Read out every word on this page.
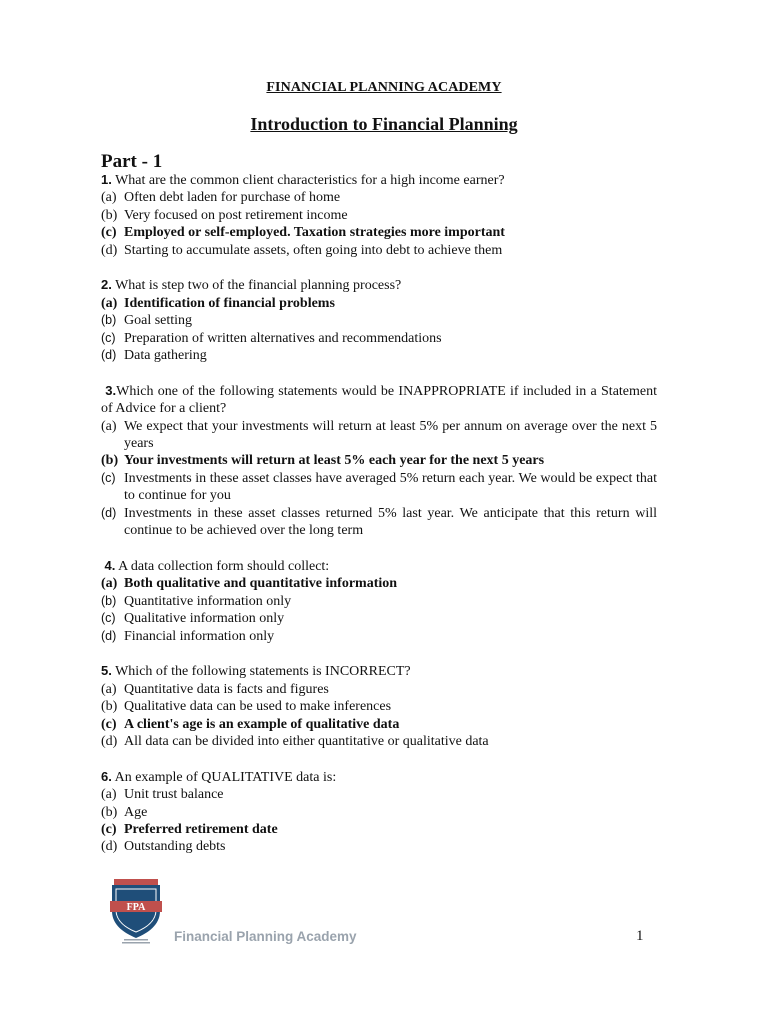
FINANCIAL PLANNING ACADEMY
Introduction to Financial Planning
Part - 1

1. What are the common client characteristics for a high income earner?

(a) Often debt laden for purchase of home

(b) Very focused on post retirement income

(c) Employed or self-employed. Taxation strategies more important

(d) Starting to accumulate assets, often going into debt to achieve them

2. What is step two of the financial planning process?

(a) Identification of financial problems

(b) Goal setting

(c) Preparation of written alternatives and recommendations

(d) Data gathering

3.Which one of the following statements would be INAPPROPRIATE if included in a Statement of Advice for a client?

(a) We expect that your investments will return at least 5% per annum on average over the next 5 years

(b) Your investments will return at least 5% each year for the next 5 years

(c) Investments in these asset classes have averaged 5% return each year. We would be expect that to continue for you

(d) Investments in these asset classes returned 5% last year. We anticipate that this return will continue to be achieved over the long term

4. A data collection form should collect:

(a) Both qualitative and quantitative information

(b) Quantitative information only

(c) Qualitative information only

(d) Financial information only

5. Which of the following statements is INCORRECT?

(a) Quantitative data is facts and figures

(b) Qualitative data can be used to make inferences

(c) A client's age is an example of qualitative data

(d) All data can be divided into either quantitative or qualitative data

6. An example of QUALITATIVE data is:

(a) Unit trust balance

(b) Age

(c) Preferred retirement date

(d) Outstanding debts

FPA
Financial Planning Academy	1
